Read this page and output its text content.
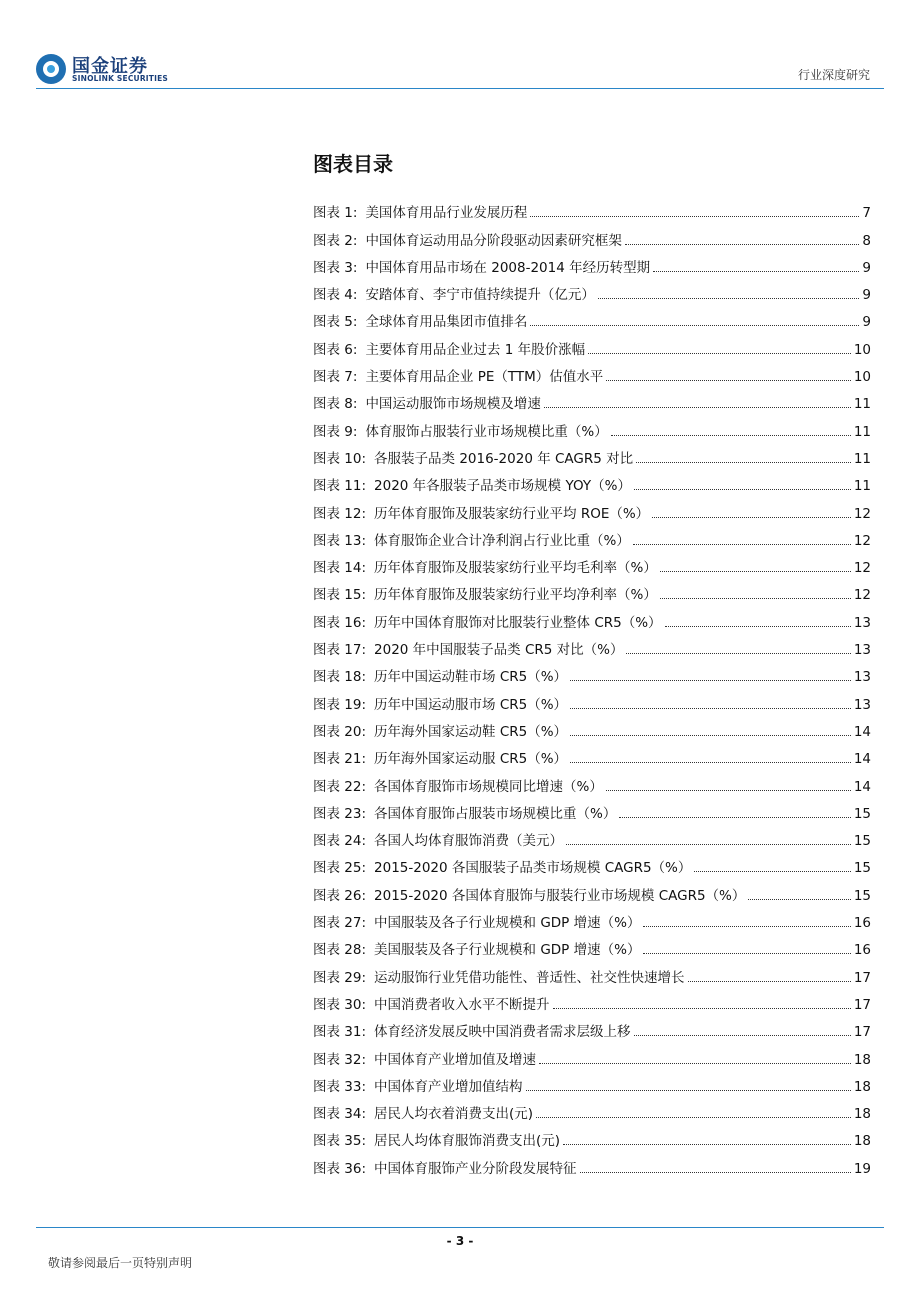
国金证券
SINOLINK SECURITIES	行业深度研究
图表目录
图表 1: 美国体育用品行业发展历程	7
图表 2: 中国体育运动用品分阶段驱动因素研究框架	8
图表 3: 中国体育用品市场在 2008-2014 年经历转型期	9
图表 4: 安踏体育、李宁市值持续提升（亿元）	9
图表 5: 全球体育用品集团市值排名	9
图表 6: 主要体育用品企业过去 1 年股价涨幅	10
图表 7: 主要体育用品企业 PE（TTM）估值水平	10
图表 8: 中国运动服饰市场规模及增速	11
图表 9: 体育服饰占服装行业市场规模比重（%）	11
图表 10: 各服装子品类 2016-2020 年 CAGR5 对比	11
图表 11: 2020 年各服装子品类市场规模 YOY（%）	11
图表 12: 历年体育服饰及服装家纺行业平均 ROE（%）	12
图表 13: 体育服饰企业合计净利润占行业比重（%）	12
图表 14: 历年体育服饰及服装家纺行业平均毛利率（%）	12
图表 15: 历年体育服饰及服装家纺行业平均净利率（%）	12
图表 16: 历年中国体育服饰对比服装行业整体 CR5（%）	13
图表 17: 2020 年中国服装子品类 CR5 对比（%）	13
图表 18: 历年中国运动鞋市场 CR5（%）	13
图表 19: 历年中国运动服市场 CR5（%）	13
图表 20: 历年海外国家运动鞋 CR5（%）	14
图表 21: 历年海外国家运动服 CR5（%）	14
图表 22: 各国体育服饰市场规模同比增速（%）	14
图表 23: 各国体育服饰占服装市场规模比重（%）	15
图表 24: 各国人均体育服饰消费（美元）	15
图表 25: 2015-2020 各国服装子品类市场规模 CAGR5（%）	15
图表 26: 2015-2020 各国体育服饰与服装行业市场规模 CAGR5（%）	15
图表 27: 中国服装及各子行业规模和 GDP 增速（%）	16
图表 28: 美国服装及各子行业规模和 GDP 增速（%）	16
图表 29: 运动服饰行业凭借功能性、普适性、社交性快速增长	17
图表 30: 中国消费者收入水平不断提升	17
图表 31: 体育经济发展反映中国消费者需求层级上移	17
图表 32: 中国体育产业增加值及增速	18
图表 33: 中国体育产业增加值结构	18
图表 34: 居民人均衣着消费支出(元)	18
图表 35: 居民人均体育服饰消费支出(元)	18
图表 36: 中国体育服饰产业分阶段发展特征	19
- 3 -
敬请参阅最后一页特别声明
